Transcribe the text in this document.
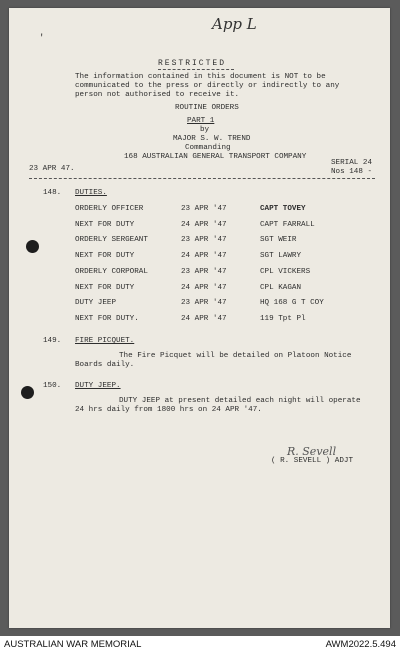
App L
'
RESTRICTED
The information contained in this document is NOT to be
communicated to the press or directly or indirectly to any
person not authorised to receive it.
ROUTINE ORDERS
PART 1
by
MAJOR S. W. TREND
Commanding
168 AUSTRALIAN GENERAL TRANSPORT COMPANY
23 APR 47.
SERIAL 24
Nos 148 -
148. DUTIES.
ORDERLY OFFICER	23 APR '47	CAPT TOVEY
NEXT FOR DUTY	24 APR '47	CAPT FARRALL
ORDERLY SERGEANT	23 APR '47	SGT WEIR
NEXT FOR DUTY	24 APR '47	SGT LAWRY
ORDERLY CORPORAL	23 APR '47	CPL VICKERS
NEXT FOR DUTY	24 APR '47	CPL KAGAN
DUTY JEEP	23 APR '47	HQ 168 G T COY
NEXT FOR DUTY.	24 APR '47	119 Tpt Pl
149. FIRE PICQUET.
The Fire Picquet will be detailed on Platoon Notice
Boards daily.
150. DUTY JEEP.
DUTY JEEP at present detailed each night will operate
24 hrs daily from 1800 hrs on 24 APR '47.
R. Sevell
( R. SEVELL ) ADJT
AUSTRALIAN WAR MEMORIAL	AWM2022.5.494
